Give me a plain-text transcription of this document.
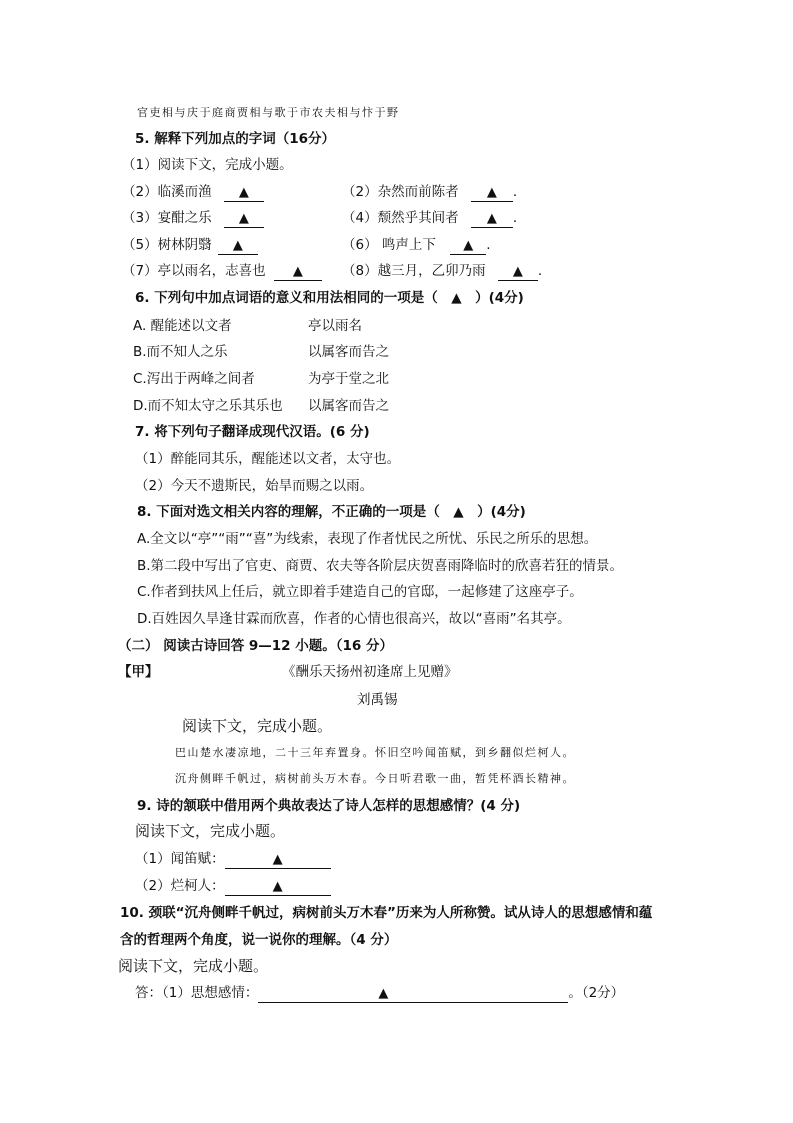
官吏相与庆于庭商贾相与歌于市农夫相与忭于野
5. 解释下列加点的字词（16分）
（1）阅读下文，完成小题。
（2）临溪而渔 ▲	（2）杂然而前陈者 ▲ .
（3）宴酣之乐 ▲	（4）颓然乎其间者 ▲ .
（5）树林阴翳 ▲	（6） 鸣声上下 ▲ .
（7）亭以雨名，志喜也 ▲	（8）越三月，乙卯乃雨 ▲ .
6. 下列句中加点词语的意义和用法相同的一项是（　▲　）(4分)
A. 醒能述以文者	亭以雨名
B.而不知人之乐	以属客而告之
C.泻出于两峰之间者	为亭于堂之北
D.而不知太守之乐其乐也 以属客而告之
7. 将下列句子翻译成现代汉语。(6 分)
（1）醉能同其乐，醒能述以文者，太守也。
（2）今天不遗斯民，始旱而赐之以雨。
8. 下面对选文相关内容的理解，不正确的一项是（　▲　）(4分)
A.全文以“亭”“雨”“喜”为线索，表现了作者忧民之所忧、乐民之所乐的思想。
B.第二段中写出了官吏、商贾、农夫等各阶层庆贺喜雨降临时的欣喜若狂的情景。
C.作者到扶风上任后，就立即着手建造自己的官邸，一起修建了这座亭子。
D.百姓因久旱逢甘霖而欣喜，作者的心情也很高兴，故以“喜雨”名其亭。
（二） 阅读古诗回答 9—12 小题。（16 分）
【甲】	《酬乐天扬州初逢席上见赠》
刘禹锡
阅读下文，完成小题。
巴山楚水凄凉地，二十三年弃置身。怀旧空吟闻笛赋，到乡翻似烂柯人。
沉舟侧畔千帆过，病树前头万木春。今日听君歌一曲，暂凭杯酒长精神。
9. 诗的颔联中借用两个典故表达了诗人怎样的思想感情？(4 分)
阅读下文，完成小题。
（1）闻笛赋：	▲
（2）烂柯人：	▲
10. 颈联“沉舟侧畔千帆过，病树前头万木春”历来为人所称赞。试从诗人的思想感情和蕴
含的哲理两个角度，说一说你的理解。（4 分）
阅读下文，完成小题。
答：（1）思想感情：	▲	。（2分）
